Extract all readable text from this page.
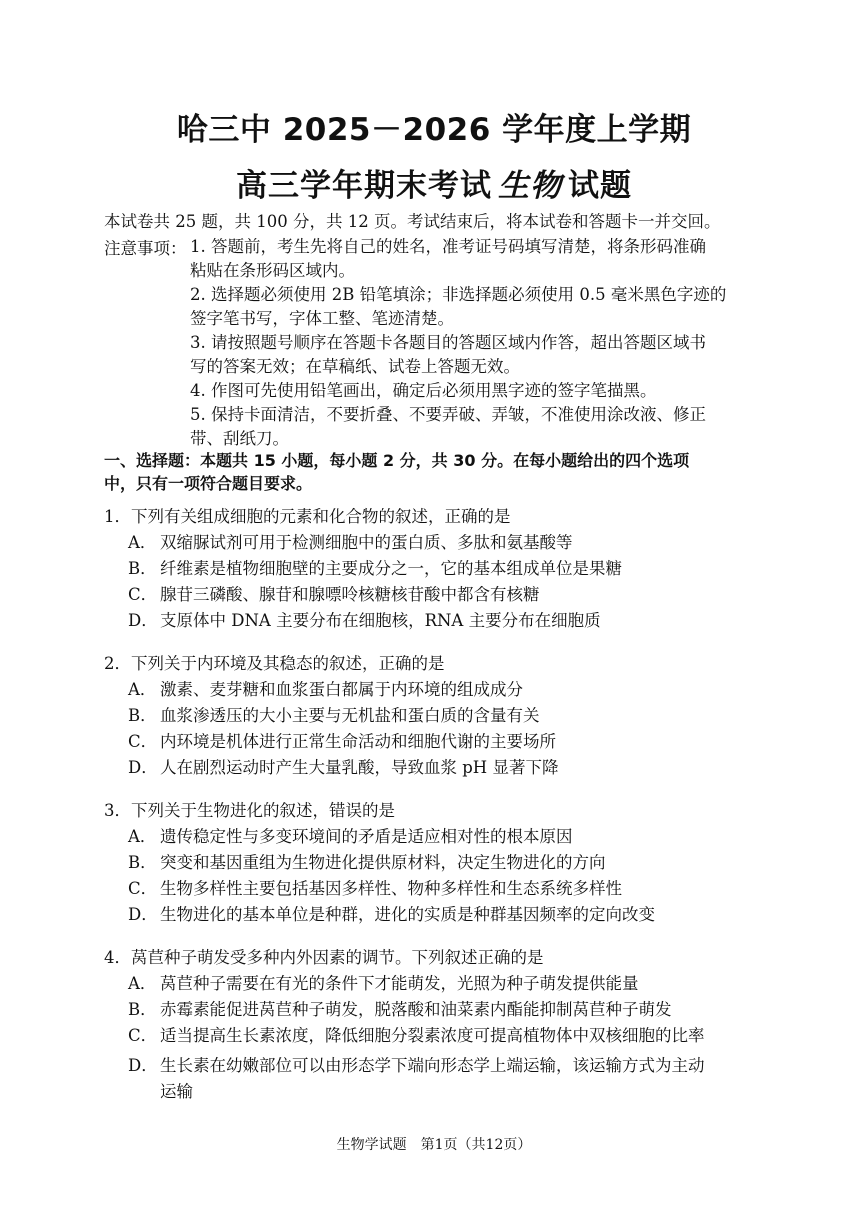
哈三中 2025－2026 学年度上学期
高三学年期末考试 生物 试题
本试卷共 25 题，共 100 分，共 12 页。考试结束后，将本试卷和答题卡一并交回。
注意事项： 1. 答题前，考生先将自己的姓名，准考证号码填写清楚，将条形码准确
粘贴在条形码区域内。
2. 选择题必须使用 2B 铅笔填涂；非选择题必须使用 0.5 毫米黑色字迹的
签字笔书写，字体工整、笔迹清楚。
3. 请按照题号顺序在答题卡各题目的答题区域内作答，超出答题区域书
写的答案无效；在草稿纸、试卷上答题无效。
4. 作图可先使用铅笔画出，确定后必须用黑字迹的签字笔描黑。
5. 保持卡面清洁，不要折叠、不要弄破、弄皱，不准使用涂改液、修正
带、刮纸刀。
一、选择题：本题共 15 小题，每小题 2 分，共 30 分。在每小题给出的四个选项
中，只有一项符合题目要求。
1．下列有关组成细胞的元素和化合物的叙述，正确的是
A． 双缩脲试剂可用于检测细胞中的蛋白质、多肽和氨基酸等
B． 纤维素是植物细胞壁的主要成分之一，它的基本组成单位是果糖
C． 腺苷三磷酸、腺苷和腺嘌呤核糖核苷酸中都含有核糖
D． 支原体中 DNA 主要分布在细胞核，RNA 主要分布在细胞质
2．下列关于内环境及其稳态的叙述，正确的是
A． 激素、麦芽糖和血浆蛋白都属于内环境的组成成分
B． 血浆渗透压的大小主要与无机盐和蛋白质的含量有关
C． 内环境是机体进行正常生命活动和细胞代谢的主要场所
D． 人在剧烈运动时产生大量乳酸，导致血浆 pH 显著下降
3．下列关于生物进化的叙述，错误的是
A． 遗传稳定性与多变环境间的矛盾是适应相对性的根本原因
B． 突变和基因重组为生物进化提供原材料，决定生物进化的方向
C． 生物多样性主要包括基因多样性、物种多样性和生态系统多样性
D． 生物进化的基本单位是种群，进化的实质是种群基因频率的定向改变
4．莴苣种子萌发受多种内外因素的调节。下列叙述正确的是
A． 莴苣种子需要在有光的条件下才能萌发，光照为种子萌发提供能量
B． 赤霉素能促进莴苣种子萌发，脱落酸和油菜素内酯能抑制莴苣种子萌发
C． 适当提高生长素浓度，降低细胞分裂素浓度可提高植物体中双核细胞的比率
D． 生长素在幼嫩部位可以由形态学下端向形态学上端运输，该运输方式为主动
运输
生物学试题　第1页（共12页）
